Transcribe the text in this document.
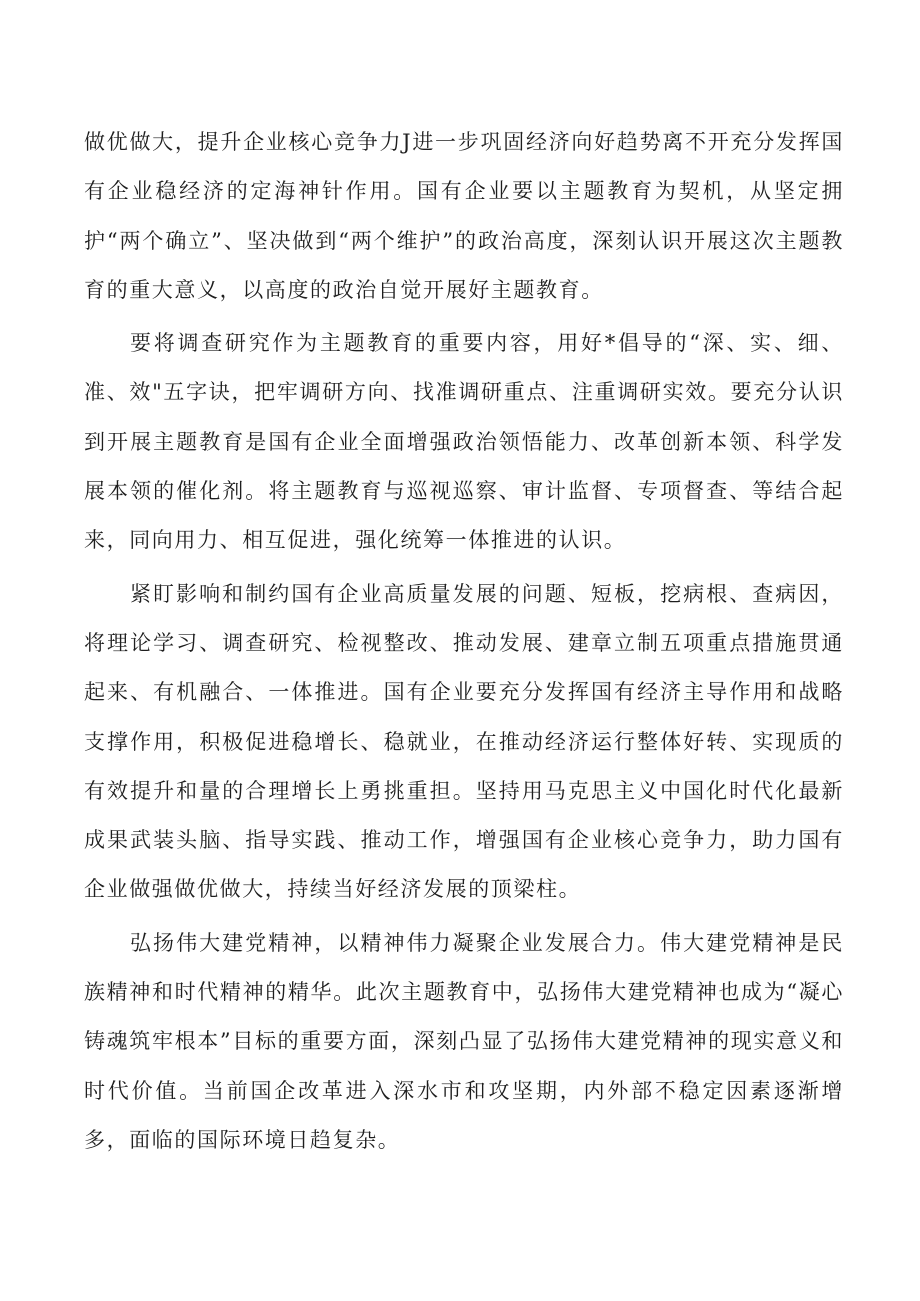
做优做大，提升企业核心竞争力J进一步巩固经济向好趋势离不开充分发挥国有企业稳经济的定海神针作用。国有企业要以主题教育为契机，从坚定拥护“两个确立”、坚决做到“两个维护”的政治高度，深刻认识开展这次主题教育的重大意义，以高度的政治自觉开展好主题教育。

要将调查研究作为主题教育的重要内容，用好*倡导的“深、实、细、准、效"五字诀，把牢调研方向、找准调研重点、注重调研实效。要充分认识到开展主题教育是国有企业全面增强政治领悟能力、改革创新本领、科学发展本领的催化剂。将主题教育与巡视巡察、审计监督、专项督查、等结合起来，同向用力、相互促进，强化统筹一体推进的认识。

紧盯影响和制约国有企业高质量发展的问题、短板，挖病根、查病因，将理论学习、调查研究、检视整改、推动发展、建章立制五项重点措施贯通起来、有机融合、一体推进。国有企业要充分发挥国有经济主导作用和战略支撑作用，积极促进稳增长、稳就业，在推动经济运行整体好转、实现质的有效提升和量的合理增长上勇挑重担。坚持用马克思主义中国化时代化最新成果武装头脑、指导实践、推动工作，增强国有企业核心竞争力，助力国有企业做强做优做大，持续当好经济发展的顶梁柱。

弘扬伟大建党精神，以精神伟力凝聚企业发展合力。伟大建党精神是民族精神和时代精神的精华。此次主题教育中，弘扬伟大建党精神也成为“凝心铸魂筑牢根本”目标的重要方面，深刻凸显了弘扬伟大建党精神的现实意义和时代价值。当前国企改革进入深水市和攻坚期，内外部不稳定因素逐渐增多，面临的国际环境日趋复杂。
